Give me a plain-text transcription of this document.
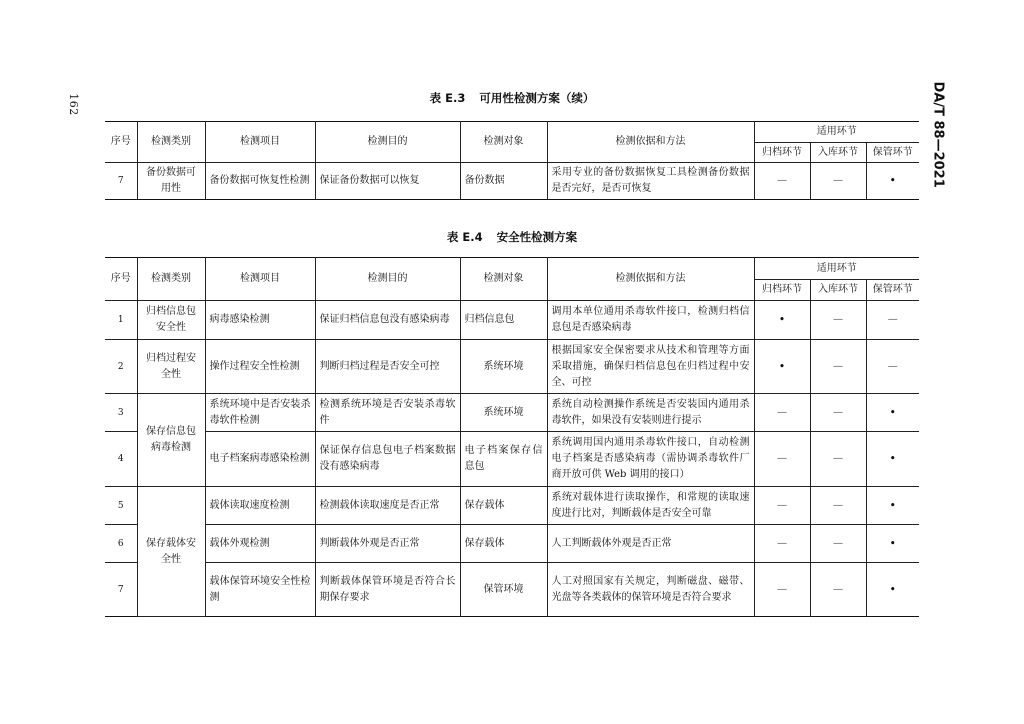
162	DA/T 88—2021
表 E.3 可用性检测方案（续）
序号	检测类别	检测项目	检测目的	检测对象	检测依据和方法	适用环节		
						归档环节	入库环节	保管环节
7	备份数据可用性	备份数据可恢复性检测	保证备份数据可以恢复	备份数据	采用专业的备份数据恢复工具检测备份数据是否完好，是否可恢复	—	—	•
表 E.4 安全性检测方案
序号	检测类别	检测项目	检测目的	检测对象	检测依据和方法	适用环节		
						归档环节	入库环节	保管环节
1	归档信息包安全性	病毒感染检测	保证归档信息包没有感染病毒	归档信息包	调用本单位通用杀毒软件接口，检测归档信息包是否感染病毒	•	—	—
2	归档过程安全性	操作过程安全性检测	判断归档过程是否安全可控	系统环境	根据国家安全保密要求从技术和管理等方面采取措施，确保归档信息包在归档过程中安全、可控	•	—	—
3	保存信息包病毒检测	系统环境中是否安装杀毒软件检测	检测系统环境是否安装杀毒软件	系统环境	系统自动检测操作系统是否安装国内通用杀毒软件，如果没有安装则进行提示	—	—	•
4		电子档案病毒感染检测	保证保存信息包电子档案数据没有感染病毒	电子档案保存信息包	系统调用国内通用杀毒软件接口，自动检测电子档案是否感染病毒（需协调杀毒软件厂商开放可供 Web 调用的接口）	—	—	•
5	保存载体安全性	载体读取速度检测	检测载体读取速度是否正常	保存载体	系统对载体进行读取操作，和常规的读取速度进行比对，判断载体是否安全可靠	—	—	•
6		载体外观检测	判断载体外观是否正常	保存载体	人工判断载体外观是否正常	—	—	•
7		载体保管环境安全性检测	判断载体保管环境是否符合长期保存要求	保管环境	人工对照国家有关规定，判断磁盘、磁带、光盘等各类载体的保管环境是否符合要求	—	—	•
